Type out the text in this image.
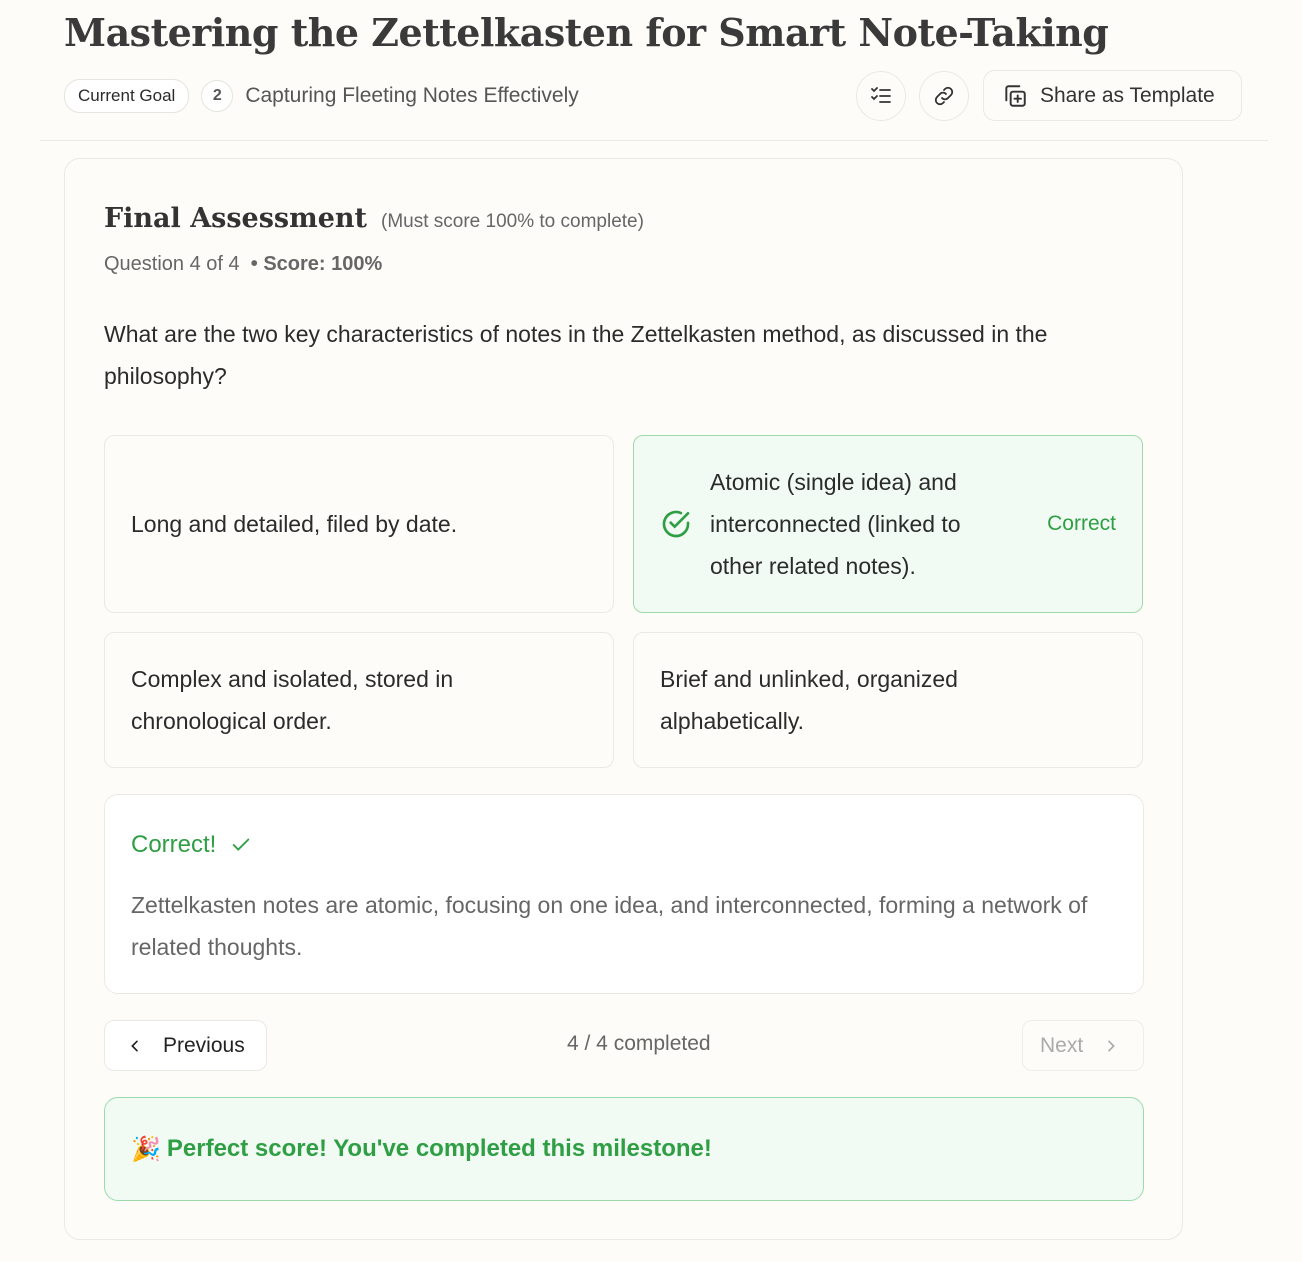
Mastering the Zettelkasten for Smart Note-Taking
Current Goal	2	Capturing Fleeting Notes Effectively	Share as Template
Final Assessment (Must score 100% to complete)
Question 4 of 4 • Score: 100%
What are the two key characteristics of notes in the Zettelkasten method, as discussed in the philosophy?
Long and detailed, filed by date.
Atomic (single idea) and interconnected (linked to other related notes).
Correct
Complex and isolated, stored in chronological order.
Brief and unlinked, organized alphabetically.
Correct!
Zettelkasten notes are atomic, focusing on one idea, and interconnected, forming a network of related thoughts.
Previous	4 / 4 completed	Next
🎉 Perfect score! You've completed this milestone!
